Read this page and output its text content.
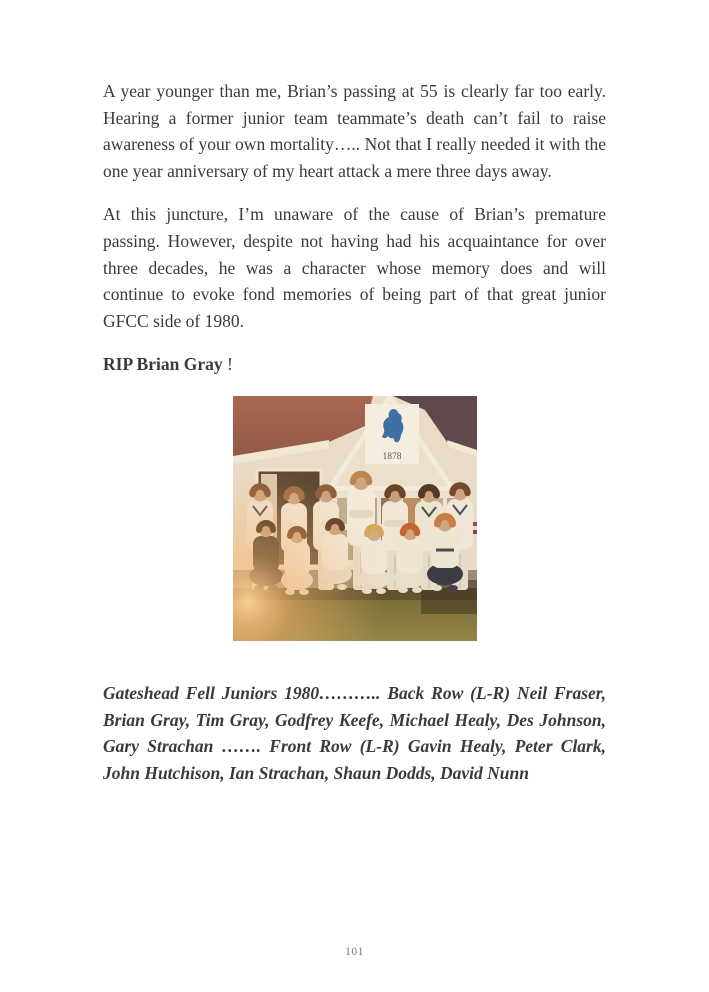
A year younger than me, Brian’s passing at 55 is clearly far too early. Hearing a former junior team teammate’s death can’t fail to raise awareness of your own mortality….. Not that I really needed it with the one year anniversary of my heart attack a mere three days away.

At this juncture, I’m unaware of the cause of Brian’s premature passing. However, despite not having had his acquaintance for over three decades, he was a character whose memory does and will continue to evoke fond memories of being part of that great junior GFCC side of 1980.

RIP Brian Gray !

Gateshead Fell Juniors 1980……….. Back Row (L-R) Neil Fraser, Brian Gray, Tim Gray, Godfrey Keefe, Michael Healy, Des Johnson, Gary Strachan ……. Front Row (L-R) Gavin Healy, Peter Clark, John Hutchison, Ian Strachan, Shaun Dodds, David Nunn

101
